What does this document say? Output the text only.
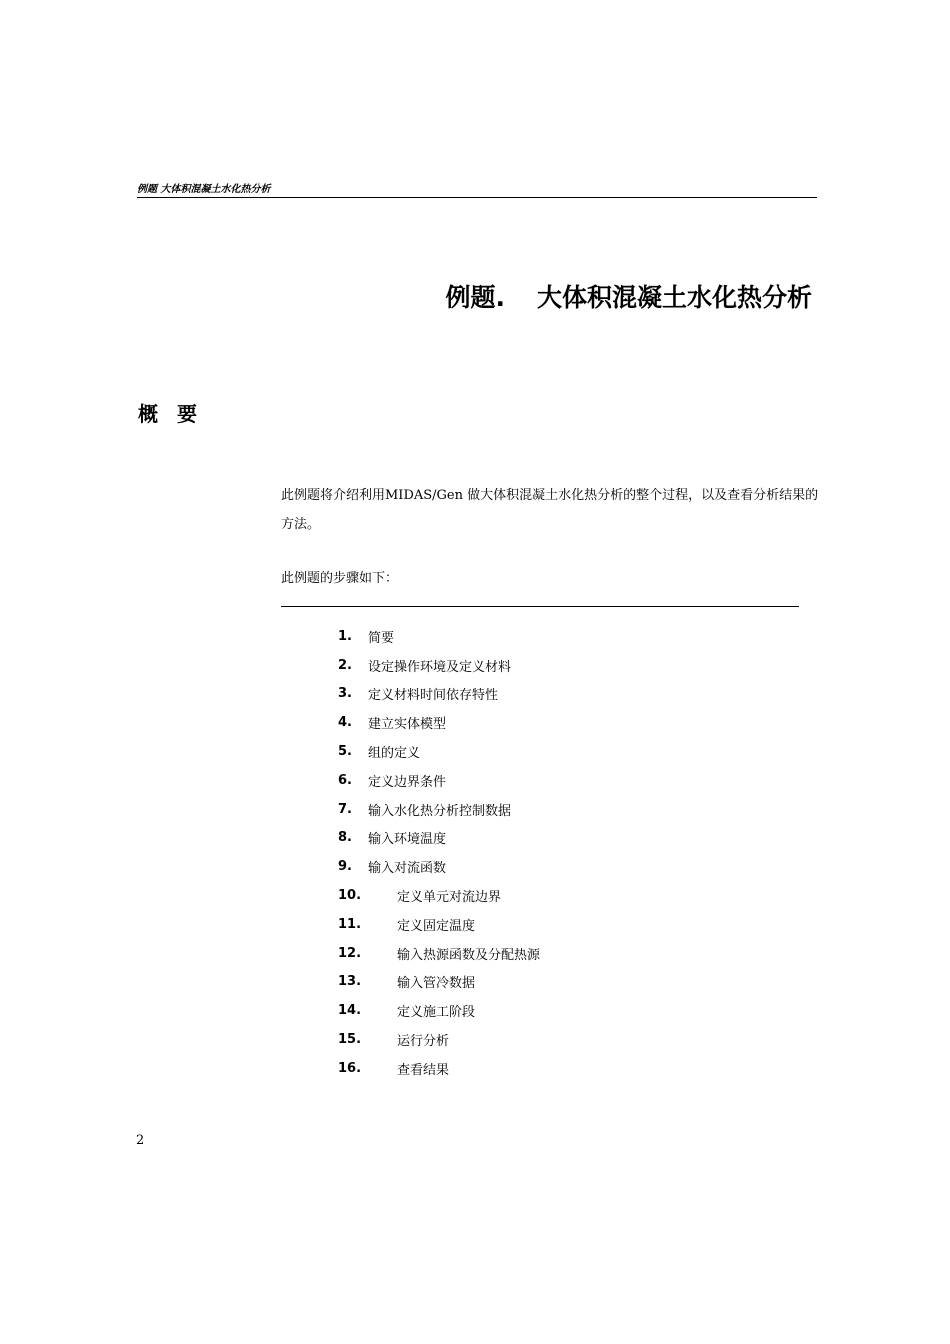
例题 大体积混凝土水化热分析
例题. 大体积混凝土水化热分析
概 要

此例题将介绍利用MIDAS/Gen 做大体积混凝土水化热分析的整个过程，以及查看分析结果的方法。

此例题的步骤如下：

1.	简要
2.	设定操作环境及定义材料
3.	定义材料时间依存特性
4.	建立实体模型
5.	组的定义
6.	定义边界条件
7.	输入水化热分析控制数据
8.	输入环境温度
9.	输入对流函数
10.	定义单元对流边界
11.	定义固定温度
12.	输入热源函数及分配热源
13.	输入管冷数据
14.	定义施工阶段
15.	运行分析
16.	查看结果
2
